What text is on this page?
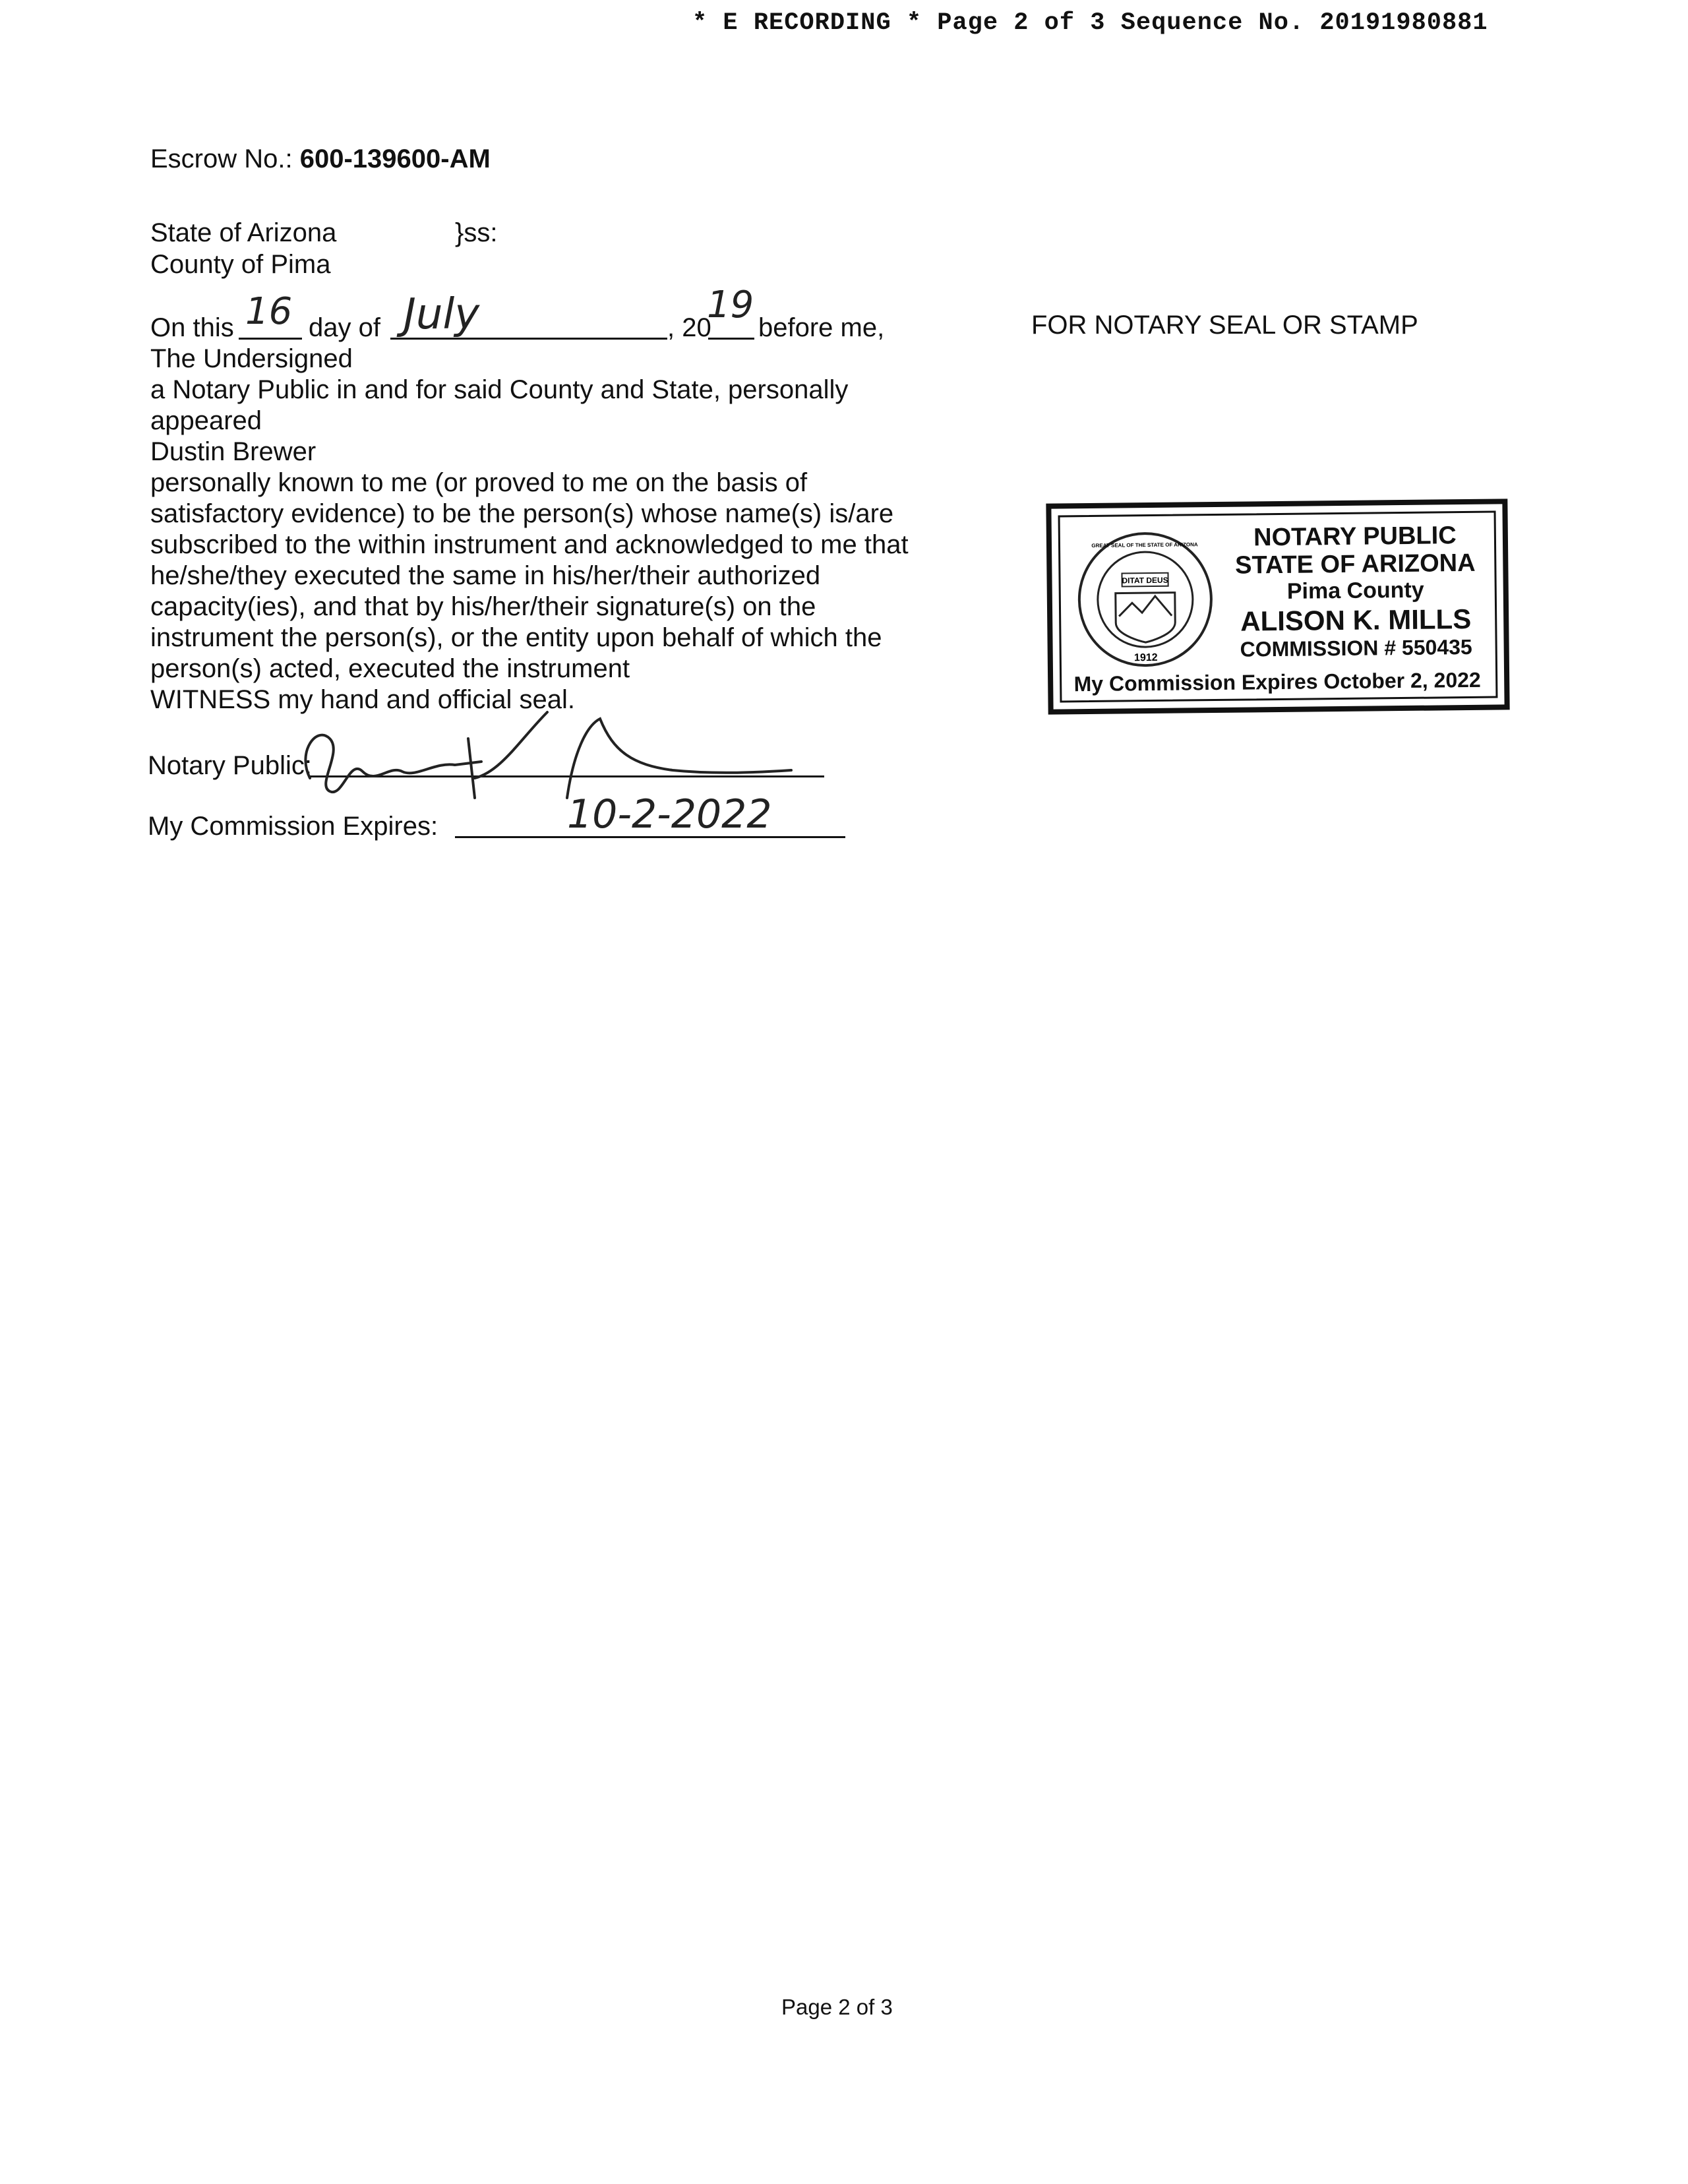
* E RECORDING * Page 2 of 3 Sequence No. 20191980881
Escrow No.: 600-139600-AM
State of Arizona	}ss:
County of Pima
On this 16 day of July	, 20
19
before me,
The Undersigned
a Notary Public in and for said County and State, personally
appeared
Dustin Brewer
personally known to me (or proved to me on the basis of
satisfactory evidence) to be the person(s) whose name(s) is/are
subscribed to the within instrument and acknowledged to me that
he/she/they executed the same in his/her/their authorized
capacity(ies), and that by his/her/their signature(s) on the
instrument the person(s), or the entity upon behalf of which the
person(s) acted, executed the instrument
WITNESS my hand and official seal.
Notary Public:
My Commission Expires:	10-2-2022
FOR NOTARY SEAL OR STAMP
DITAT DEUS
1912
GREAT SEAL OF THE STATE OF ARIZONA	NOTARY PUBLIC
STATE OF ARIZONA
Pima County
ALISON K. MILLS
COMMISSION # 550435
My Commission Expires October 2, 2022
Page 2 of 3
